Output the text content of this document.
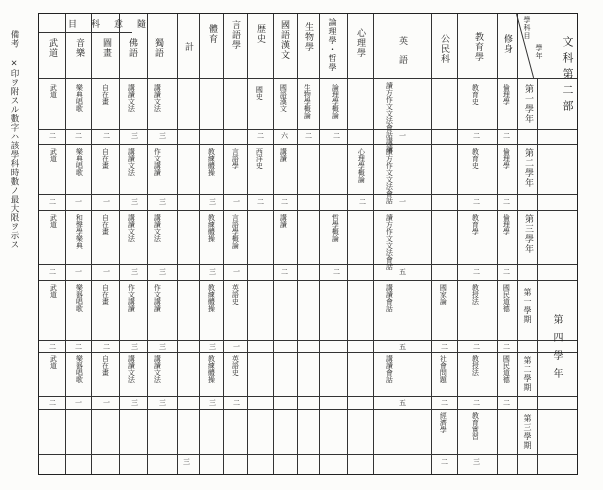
備考 ×印ヲ附スル數字ハ該學科時數ノ最大限ヲ示ス	文科第二部
學科目
學年
第一學年
第二學年
第三學年
第四學年
第一學期
第二學期
第三學期
修身
教育學
公民科
英語
心理學
論理學・哲學
生物學
國語漢文
歴史
言語學
體育
計
目科意隨
獨語
佛語
圖畫
音樂
武道
倫理學
教育史
讀方作文文法會話講讀
論理學概論
生物學概論
國語漢文
國史
講讀文法
講讀文法
自在畫
樂典唱歌
武道
二
二
一
二
二
六
二
三
三
二
二
二
倫理學
教育史
讀方作文文法會話
心理學概論
講讀
西洋史
言語學
教練體操
作文講讀
講讀文法
自在畫
樂典唱歌
武道
二
二
一
二
二
二
一
三
三
三
一
一
二
倫理學
教育學
讀方作文文法會話
哲學概論
講讀
言語學概論
教練體操
講讀文法
講讀文法
自在畫
和聲學樂典
武道
二
二
五
二
二
一
三
三
三
一
一
二
國民道德
教授法
國家論
講讀會話
英語史
教練體操
作文講讀
作文講讀
自在畫
樂器唱歌
武道
二
二
二
五
一
三
三
三
二
二
二
國民道德
教授法
社會問題
講讀會話
英語史
教練體操
講讀文法
講讀文法
自在畫
樂器唱歌
武道
二
二
二
五
二
三
三
三
一
一
二
教育實習
經濟學
三
二
三
